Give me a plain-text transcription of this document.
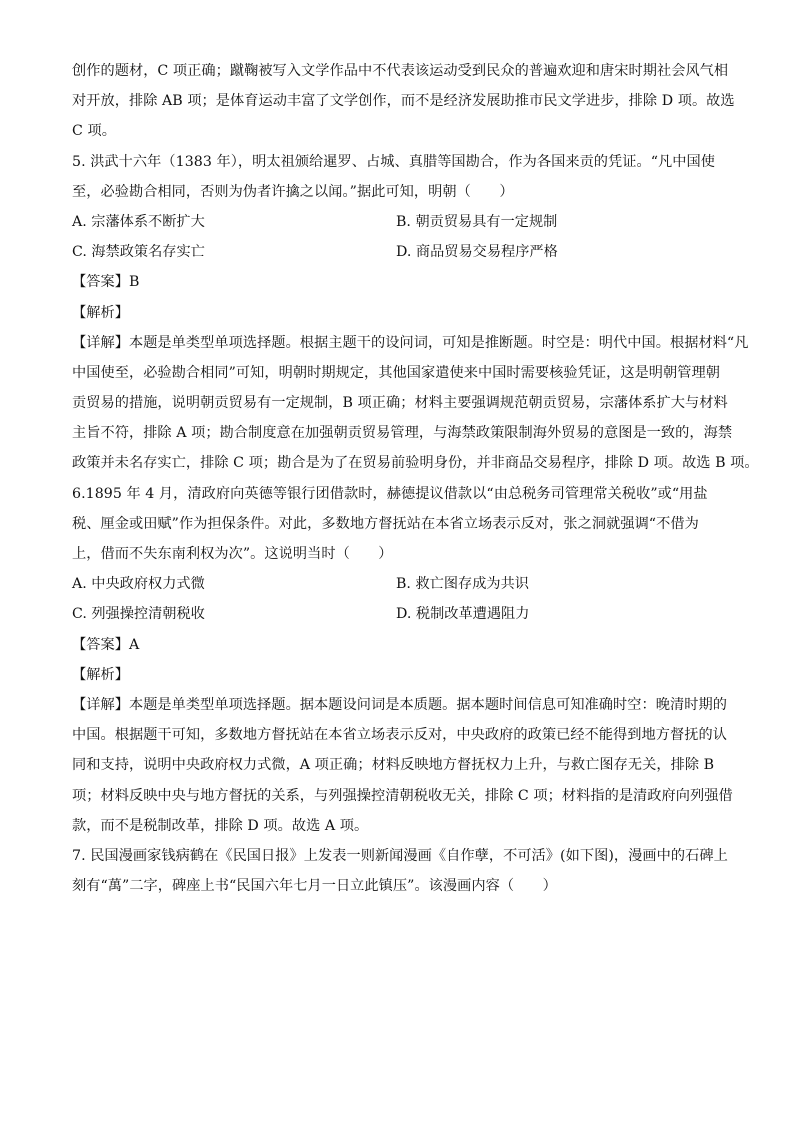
创作的题材，C 项正确；蹴鞠被写入文学作品中不代表该运动受到民众的普遍欢迎和唐宋时期社会风气相
对开放，排除 AB 项；是体育运动丰富了文学创作，而不是经济发展助推市民文学进步，排除 D 项。故选
C 项。
5. 洪武十六年（1383 年），明太祖颁给暹罗、占城、真腊等国勘合，作为各国来贡的凭证。“凡中国使
至，必验勘合相同，否则为伪者许擒之以闻。”据此可知，明朝（　　）
A. 宗藩体系不断扩大	B. 朝贡贸易具有一定规制
C. 海禁政策名存实亡	D. 商品贸易交易程序严格
【答案】B
【解析】
【详解】本题是单类型单项选择题。根据主题干的设问词，可知是推断题。时空是：明代中国。根据材料“凡
中国使至，必验勘合相同”可知，明朝时期规定，其他国家遣使来中国时需要核验凭证，这是明朝管理朝
贡贸易的措施，说明朝贡贸易有一定规制，B 项正确；材料主要强调规范朝贡贸易，宗藩体系扩大与材料
主旨不符，排除 A 项；勘合制度意在加强朝贡贸易管理，与海禁政策限制海外贸易的意图是一致的，海禁
政策并未名存实亡，排除 C 项；勘合是为了在贸易前验明身份，并非商品交易程序，排除 D 项。故选 B 项。
6.1895 年 4 月，清政府向英德等银行团借款时，赫德提议借款以“由总税务司管理常关税收”或“用盐
税、厘金或田赋”作为担保条件。对此，多数地方督抚站在本省立场表示反对，张之洞就强调“不借为
上，借而不失东南利权为次”。这说明当时（　　）
A. 中央政府权力式微	B. 救亡图存成为共识
C. 列强操控清朝税收	D. 税制改革遭遇阻力
【答案】A
【解析】
【详解】本题是单类型单项选择题。据本题设问词是本质题。据本题时间信息可知准确时空：晚清时期的
中国。根据题干可知，多数地方督抚站在本省立场表示反对，中央政府的政策已经不能得到地方督抚的认
同和支持，说明中央政府权力式微，A 项正确；材料反映地方督抚权力上升，与救亡图存无关，排除 B
项；材料反映中央与地方督抚的关系，与列强操控清朝税收无关，排除 C 项；材料指的是清政府向列强借
款，而不是税制改革，排除 D 项。故选 A 项。
7. 民国漫画家钱病鹤在《民国日报》上发表一则新闻漫画《自作孽，不可活》(如下图)，漫画中的石碑上
刻有“萬”二字，碑座上书“民国六年七月一日立此镇压”。该漫画内容（　　）
